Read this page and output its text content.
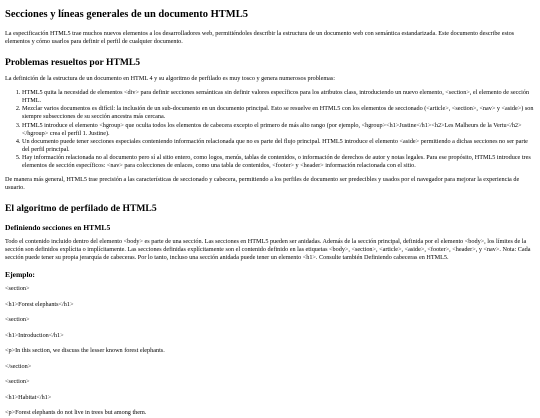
Secciones y líneas generales de un documento HTML5

La especificación HTML5 trae muchos nuevos elementos a los desarrolladores web, permitiéndoles describir la estructura de un documento web con semántica estandarizada. Este documento describe estos elementos y cómo usarlos para definir el perfil de cualquier documento.

Problemas resueltos por HTML5

La definición de la estructura de un documento en HTML 4 y su algoritmo de perfilado es muy tosco y genera numerosos problemas:

1. HTML5 quita la necesidad de elementos <div> para definir secciones semánticas sin definir valores específicos para los atributos class, introduciendo un nuevo elemento, <section>, el elemento de sección HTML.
2. Mezclar varios documentos es difícil: la inclusión de un sub-documento en un documento principal. Esto se resuelve en HTML5 con los elementos de seccionado (<article>, <section>, <nav> y <aside>) son siempre subsecciones de su sección ancestra más cercana.
3. HTML5 introduce el elemento <hgroup> que oculta todos los elementos de cabecera excepto el primero de más alto rango (por ejemplo, <hgroup><h1>Justine</h1><h2>Les Malheurs de la Vertu</h2></hgroup> crea el perfil 1. Justine).
4. Un documento puede tener secciones especiales conteniendo información relacionada que no es parte del flujo principal. HTML5 introduce el elemento <aside> permitiendo a dichas secciones no ser parte del perfil principal.
5. Hay información relacionada no al documento pero sí al sitio entero, como logos, menús, tablas de contenidos, o información de derechos de autor y notas legales. Para ese propósito, HTML5 introduce tres elementos de sección específicos: <nav> para colecciones de enlaces, como una tabla de contenidos, <footer> y <header> información relacionada con el sitio.

De manera más general, HTML5 trae precisión a las características de seccionado y cabecera, permitiendo a los perfiles de documento ser predecibles y usados por el navegador para mejorar la experiencia de usuario.

El algoritmo de perfilado de HTML5
Definiendo secciones en HTML5

Todo el contenido incluido dentro del elemento <body> es parte de una sección. Las secciones en HTML5 pueden ser anidadas. Además de la sección principal, definida por el elemento <body>, los límites de la sección son definidos explícita o implícitamente. Las secciones definidas explícitamente son el contenido definido en las etiquetas <body>, <section>, <article>, <aside>, <footer>, <header>, y <nav>. Nota: Cada sección puede tener su propia jerarquía de cabeceras. Por lo tanto, incluso una sección anidada puede tener un elemento <h1>. Consulte también Definiendo cabeceras en HTML5.

Ejemplo:

<section>

<h1>Forest elephants</h1>

<section>

<h1>Introduction</h1>

<p>In this section, we discuss the lesser known forest elephants.

</section>

<section>

<h1>Habitat</h1>

<p>Forest elephants do not live in trees but among them.
